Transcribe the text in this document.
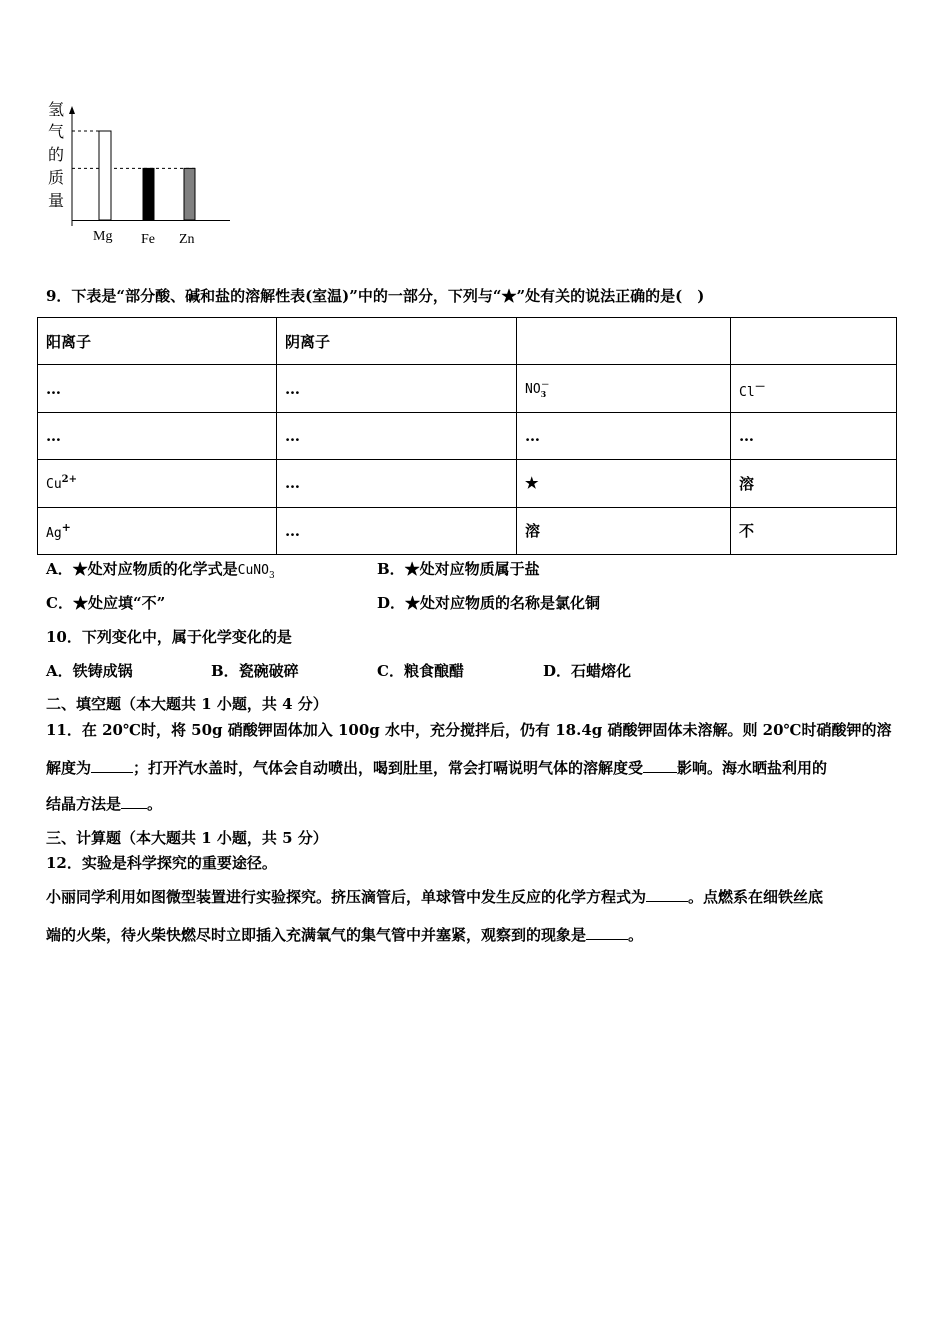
氢
气
的
质
量
Mg Fe Zn
9．下表是“部分酸、碱和盐的溶解性表(室温)”中的一部分，下列与“★”处有关的说法正确的是(　)
阳离子	阴离子		
…	…	$NO_3^-$	Cl－
…	…	…	…
$Cu^{2+}$	…	★	溶
Ag+	…	溶	不
A．★处对应物质的化学式是CuNO$_3$	B．★处对应物质属于盐
C．★处应填“不”	D．★处对应物质的名称是氯化铜
10．下列变化中，属于化学变化的是
A．铁铸成锅	B．瓷碗破碎	C．粮食酿醋	D．石蜡熔化
二、填空题（本大题共 1 小题，共 4 分）
11．在 20℃时，将 50g 硝酸钾固体加入 100g 水中，充分搅拌后，仍有 18.4g 硝酸钾固体未溶解。则 20℃时硝酸钾的溶
解度为	；打开汽水盖时，气体会自动喷出，喝到肚里，常会打嗝说明气体的溶解度受 影响。海水晒盐利用的
结晶方法是 。
三、计算题（本大题共 1 小题，共 5 分）
12．实验是科学探究的重要途径。
小丽同学利用如图微型装置进行实验探究。挤压滴管后，单球管中发生反应的化学方程式为	。点燃系在细铁丝底
端的火柴，待火柴快燃尽时立即插入充满氧气的集气管中并塞紧，观察到的现象是	。
